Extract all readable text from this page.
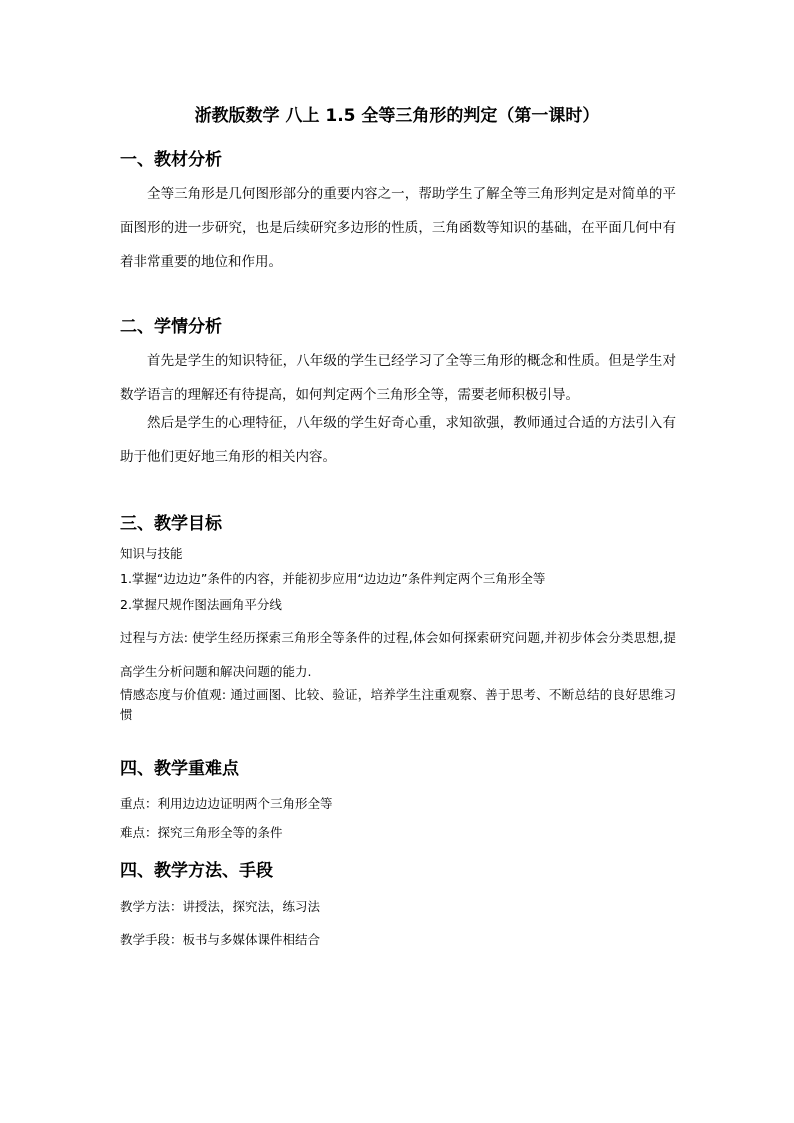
浙教版数学 八上 1.5 全等三角形的判定（第一课时）
一、教材分析

全等三角形是几何图形部分的重要内容之一，帮助学生了解全等三角形判定是对简单的平面图形的进一步研究，也是后续研究多边形的性质，三角函数等知识的基础，在平面几何中有着非常重要的地位和作用。

二、学情分析

首先是学生的知识特征，八年级的学生已经学习了全等三角形的概念和性质。但是学生对数学语言的理解还有待提高，如何判定两个三角形全等，需要老师积极引导。

然后是学生的心理特征，八年级的学生好奇心重，求知欲强，教师通过合适的方法引入有助于他们更好地三角形的相关内容。

三、教学目标
知识与技能
1.掌握“边边边”条件的内容，并能初步应用“边边边”条件判定两个三角形全等
2.掌握尺规作图法画角平分线

过程与方法: 使学生经历探索三角形全等条件的过程,体会如何探索研究问题,并初步体会分类思想,提高学生分析问题和解决问题的能力.

情感态度与价值观: 通过画图、比较、验证，培养学生注重观察、善于思考、不断总结的良好思维习惯

四、教学重难点
重点：利用边边边证明两个三角形全等
难点：探究三角形全等的条件
四、教学方法、手段
教学方法：讲授法，探究法，练习法
教学手段：板书与多媒体课件相结合
